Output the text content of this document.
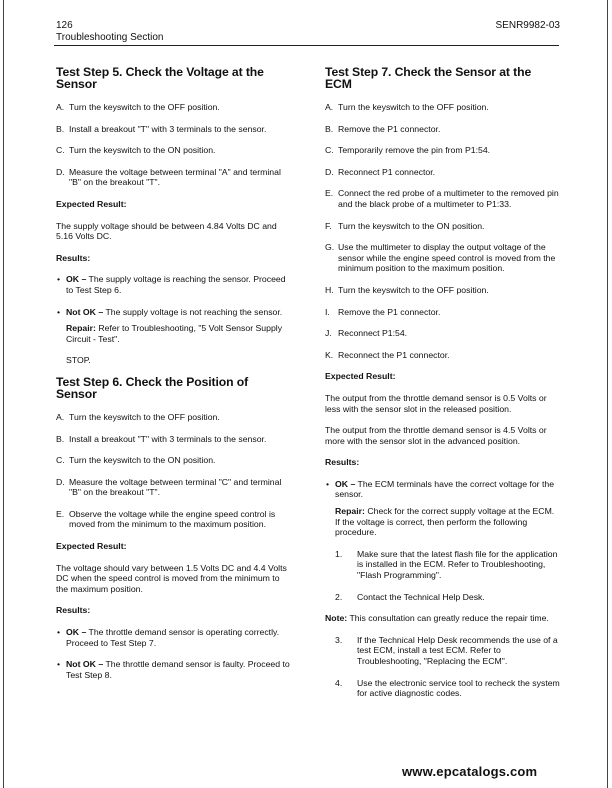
126
Troubleshooting Section
SENR9982-03
Test Step 5. Check the Voltage at the Sensor

A. Turn the keyswitch to the OFF position.

B. Install a breakout "T" with 3 terminals to the sensor.

C. Turn the keyswitch to the ON position.

D. Measure the voltage between terminal "A" and terminal "B" on the breakout "T".

Expected Result:

The supply voltage should be between 4.84 Volts DC and 5.16 Volts DC.

Results:

• OK – The supply voltage is reaching the sensor. Proceed to Test Step 6.

• Not OK – The supply voltage is not reaching the sensor.

Repair: Refer to Troubleshooting, "5 Volt Sensor Supply Circuit - Test".

STOP.

Test Step 6. Check the Position of Sensor

A. Turn the keyswitch to the OFF position.

B. Install a breakout "T" with 3 terminals to the sensor.

C. Turn the keyswitch to the ON position.

D. Measure the voltage between terminal "C" and terminal "B" on the breakout "T".

E. Observe the voltage while the engine speed control is moved from the minimum to the maximum position.

Expected Result:

The voltage should vary between 1.5 Volts DC and 4.4 Volts DC when the speed control is moved from the minimum to the maximum position.

Results:

• OK – The throttle demand sensor is operating correctly. Proceed to Test Step 7.

• Not OK – The throttle demand sensor is faulty. Proceed to Test Step 8.

Test Step 7. Check the Sensor at the ECM

A. Turn the keyswitch to the OFF position.

B. Remove the P1 connector.

C. Temporarily remove the pin from P1:54.

D. Reconnect P1 connector.

E. Connect the red probe of a multimeter to the removed pin and the black probe of a multimeter to P1:33.

F. Turn the keyswitch to the ON position.

G. Use the multimeter to display the output voltage of the sensor while the engine speed control is moved from the minimum position to the maximum position.

H. Turn the keyswitch to the OFF position.

I. Remove the P1 connector.

J. Reconnect P1:54.

K. Reconnect the P1 connector.

Expected Result:

The output from the throttle demand sensor is 0.5 Volts or less with the sensor slot in the released position.

The output from the throttle demand sensor is 4.5 Volts or more with the sensor slot in the advanced position.

Results:

• OK – The ECM terminals have the correct voltage for the sensor.

Repair: Check for the correct supply voltage at the ECM. If the voltage is correct, then perform the following procedure.

1. Make sure that the latest flash file for the application is installed in the ECM. Refer to Troubleshooting, "Flash Programming".

2. Contact the Technical Help Desk.

Note: This consultation can greatly reduce the repair time.

3. If the Technical Help Desk recommends the use of a test ECM, install a test ECM. Refer to Troubleshooting, "Replacing the ECM".

4. Use the electronic service tool to recheck the system for active diagnostic codes.

www.epcatalogs.com
